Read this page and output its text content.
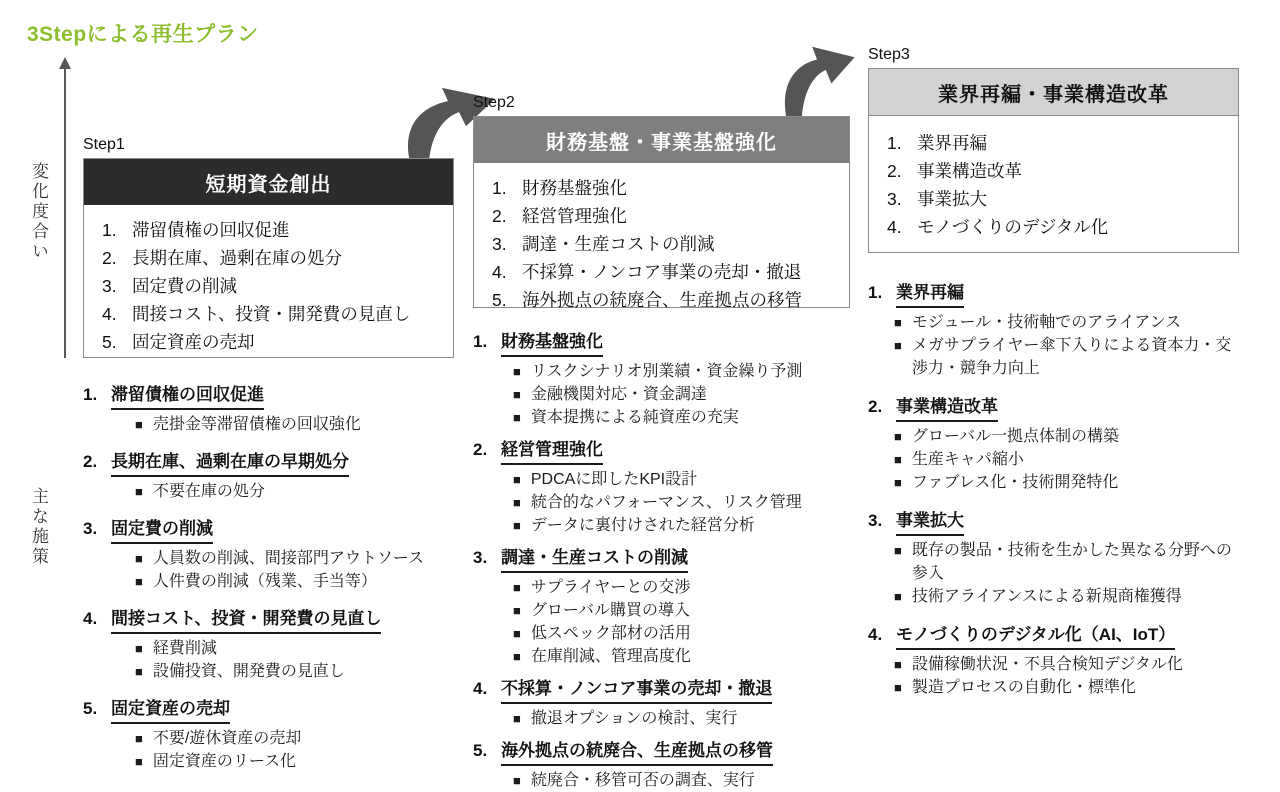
3Stepによる再生プラン
変化度合い
主な施策
Step1
短期資金創出
1. 滞留債権の回収促進
2. 長期在庫、過剰在庫の処分
3. 固定費の削減
4. 間接コスト、投資・開発費の見直し
5. 固定資産の売却
1. 滞留債権の回収促進
■ 売掛金等滞留債権の回収強化
2. 長期在庫、過剰在庫の早期処分
■ 不要在庫の処分
3. 固定費の削減
■ 人員数の削減、間接部門アウトソース
■ 人件費の削減（残業、手当等）
4. 間接コスト、投資・開発費の見直し
■ 経費削減
■ 設備投資、開発費の見直し
5. 固定資産の売却
■ 不要/遊休資産の売却
■ 固定資産のリース化
Step2
財務基盤・事業基盤強化
1. 財務基盤強化
2. 経営管理強化
3. 調達・生産コストの削減
4. 不採算・ノンコア事業の売却・撤退
5. 海外拠点の統廃合、生産拠点の移管
1. 財務基盤強化
■ リスクシナリオ別業績・資金繰り予測
■ 金融機関対応・資金調達
■ 資本提携による純資産の充実
2. 経営管理強化
■ PDCAに即したKPI設計
■ 統合的なパフォーマンス、リスク管理
■ データに裏付けされた経営分析
3. 調達・生産コストの削減
■ サプライヤーとの交渉
■ グローバル購買の導入
■ 低スペック部材の活用
■ 在庫削減、管理高度化
4. 不採算・ノンコア事業の売却・撤退
■ 撤退オプションの検討、実行
5. 海外拠点の統廃合、生産拠点の移管
■ 統廃合・移管可否の調査、実行
Step3
業界再編・事業構造改革
1. 業界再編
2. 事業構造改革
3. 事業拡大
4. モノづくりのデジタル化
1. 業界再編
■ モジュール・技術軸でのアライアンス
■ メガサプライヤー傘下入りによる資本力・交渉力・競争力向上
2. 事業構造改革
■ グローバル一拠点体制の構築
■ 生産キャパ縮小
■ ファブレス化・技術開発特化
3. 事業拡大
■ 既存の製品・技術を生かした異なる分野への参入
■ 技術アライアンスによる新規商権獲得
4. モノづくりのデジタル化（AI、IoT）
■ 設備稼働状況・不具合検知デジタル化
■ 製造プロセスの自動化・標準化
